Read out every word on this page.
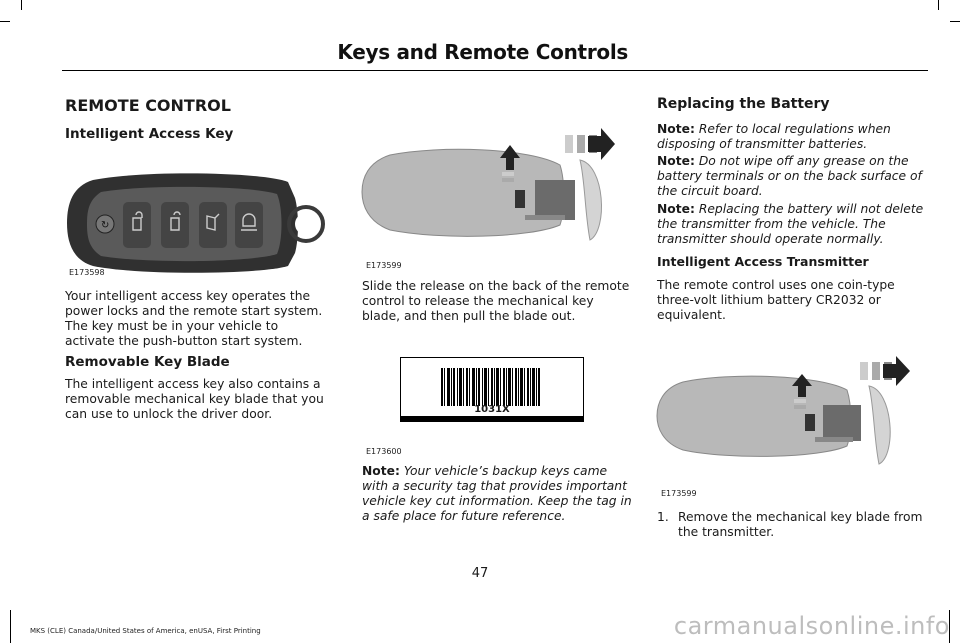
Keys and Remote Controls
REMOTE CONTROL
Intelligent Access Key
↻
E173598

Your intelligent access key operates the power locks and the remote start system. The key must be in your vehicle to activate the push-button start system.

Removable Key Blade

The intelligent access key also contains a removable mechanical key blade that you can use to unlock the driver door.

E173599

Slide the release on the back of the remote control to release the mechanical key blade, and then pull the blade out.

1031X
E173600

Note: Your vehicle’s backup keys came with a security tag that provides important vehicle key cut information. Keep the tag in a safe place for future reference.

Replacing the Battery

Note: Refer to local regulations when disposing of transmitter batteries.

Note: Do not wipe off any grease on the battery terminals or on the back surface of the circuit board.

Note: Replacing the battery will not delete the transmitter from the vehicle. The transmitter should operate normally.

Intelligent Access Transmitter

The remote control uses one coin-type three-volt lithium battery CR2032 or equivalent.

E173599
1. Remove the mechanical key blade from the transmitter.

47
MKS (CLE) Canada/United States of America, enUSA, First Printing	carmanualsonline.info
